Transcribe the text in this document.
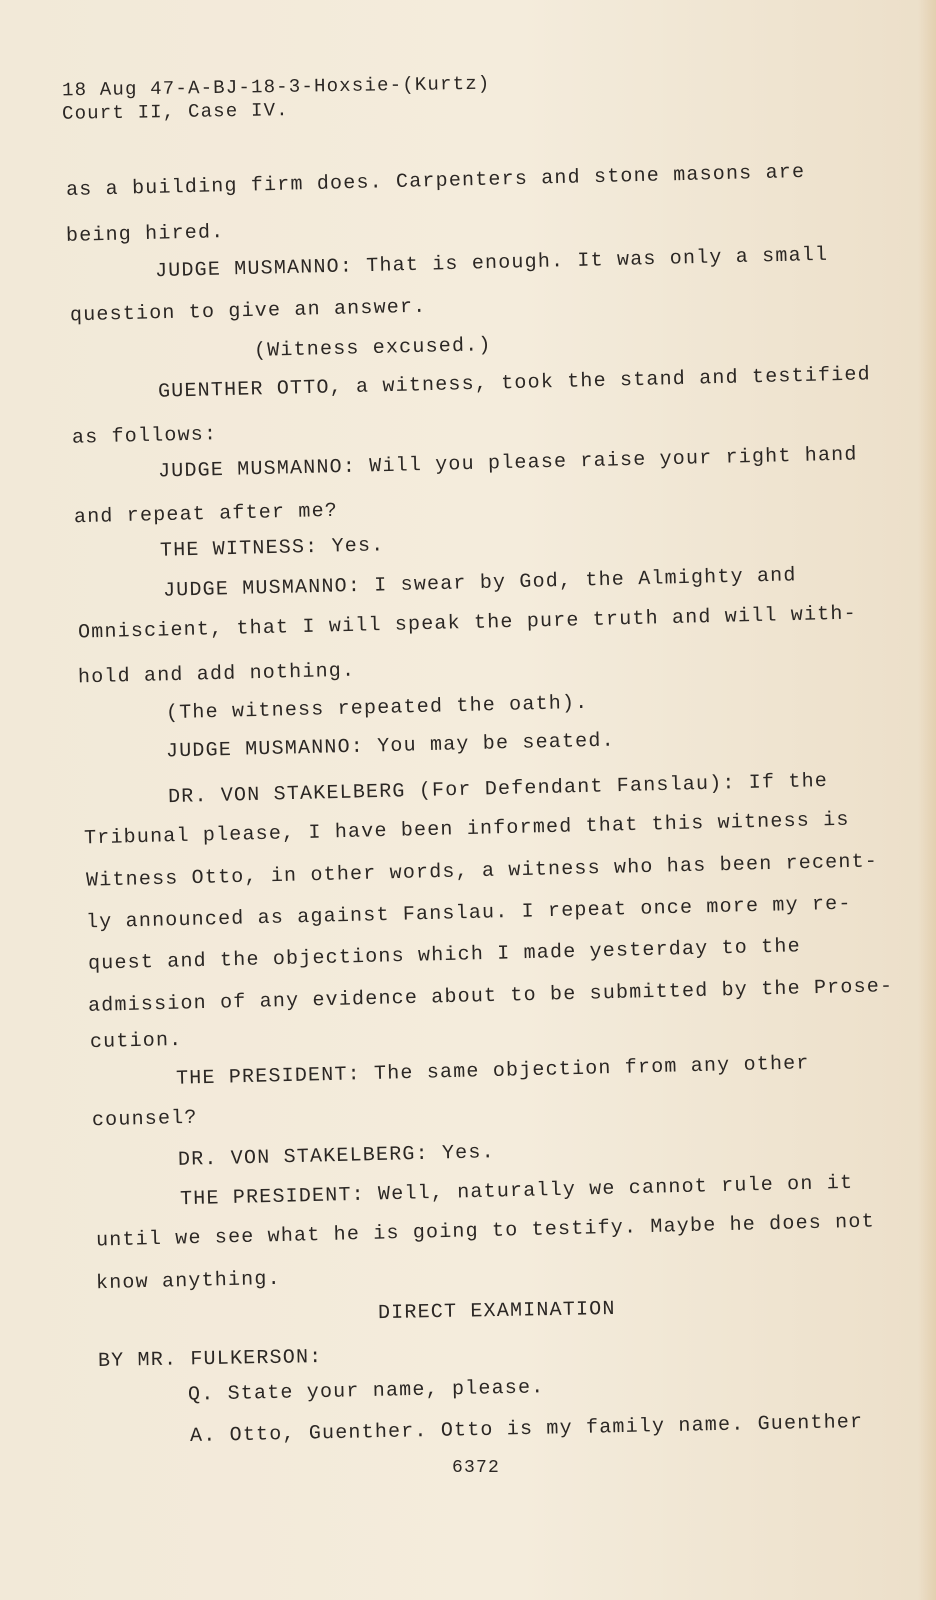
18 Aug 47-A-BJ-18-3-Hoxsie-(Kurtz)
Court II, Case IV.
as a building firm does. Carpenters and stone masons are
being hired.
JUDGE MUSMANNO: That is enough. It was only a small
question to give an answer.
(Witness excused.)
GUENTHER OTTO, a witness, took the stand and testified
as follows:
JUDGE MUSMANNO: Will you please raise your right hand
and repeat after me?
THE WITNESS: Yes.
JUDGE MUSMANNO: I swear by God, the Almighty and
Omniscient, that I will speak the pure truth and will with-
hold and add nothing.
(The witness repeated the oath).
JUDGE MUSMANNO: You may be seated.
DR. VON STAKELBERG (For Defendant Fanslau): If the
Tribunal please, I have been informed that this witness is
Witness Otto, in other words, a witness who has been recent-
ly announced as against Fanslau. I repeat once more my re-
quest and the objections which I made yesterday to the
admission of any evidence about to be submitted by the Prose-
cution.
THE PRESIDENT: The same objection from any other
counsel?
DR. VON STAKELBERG: Yes.
THE PRESIDENT: Well, naturally we cannot rule on it
until we see what he is going to testify. Maybe he does not
know anything.
DIRECT EXAMINATION
BY MR. FULKERSON:
Q. State your name, please.
A. Otto, Guenther. Otto is my family name. Guenther
6372
